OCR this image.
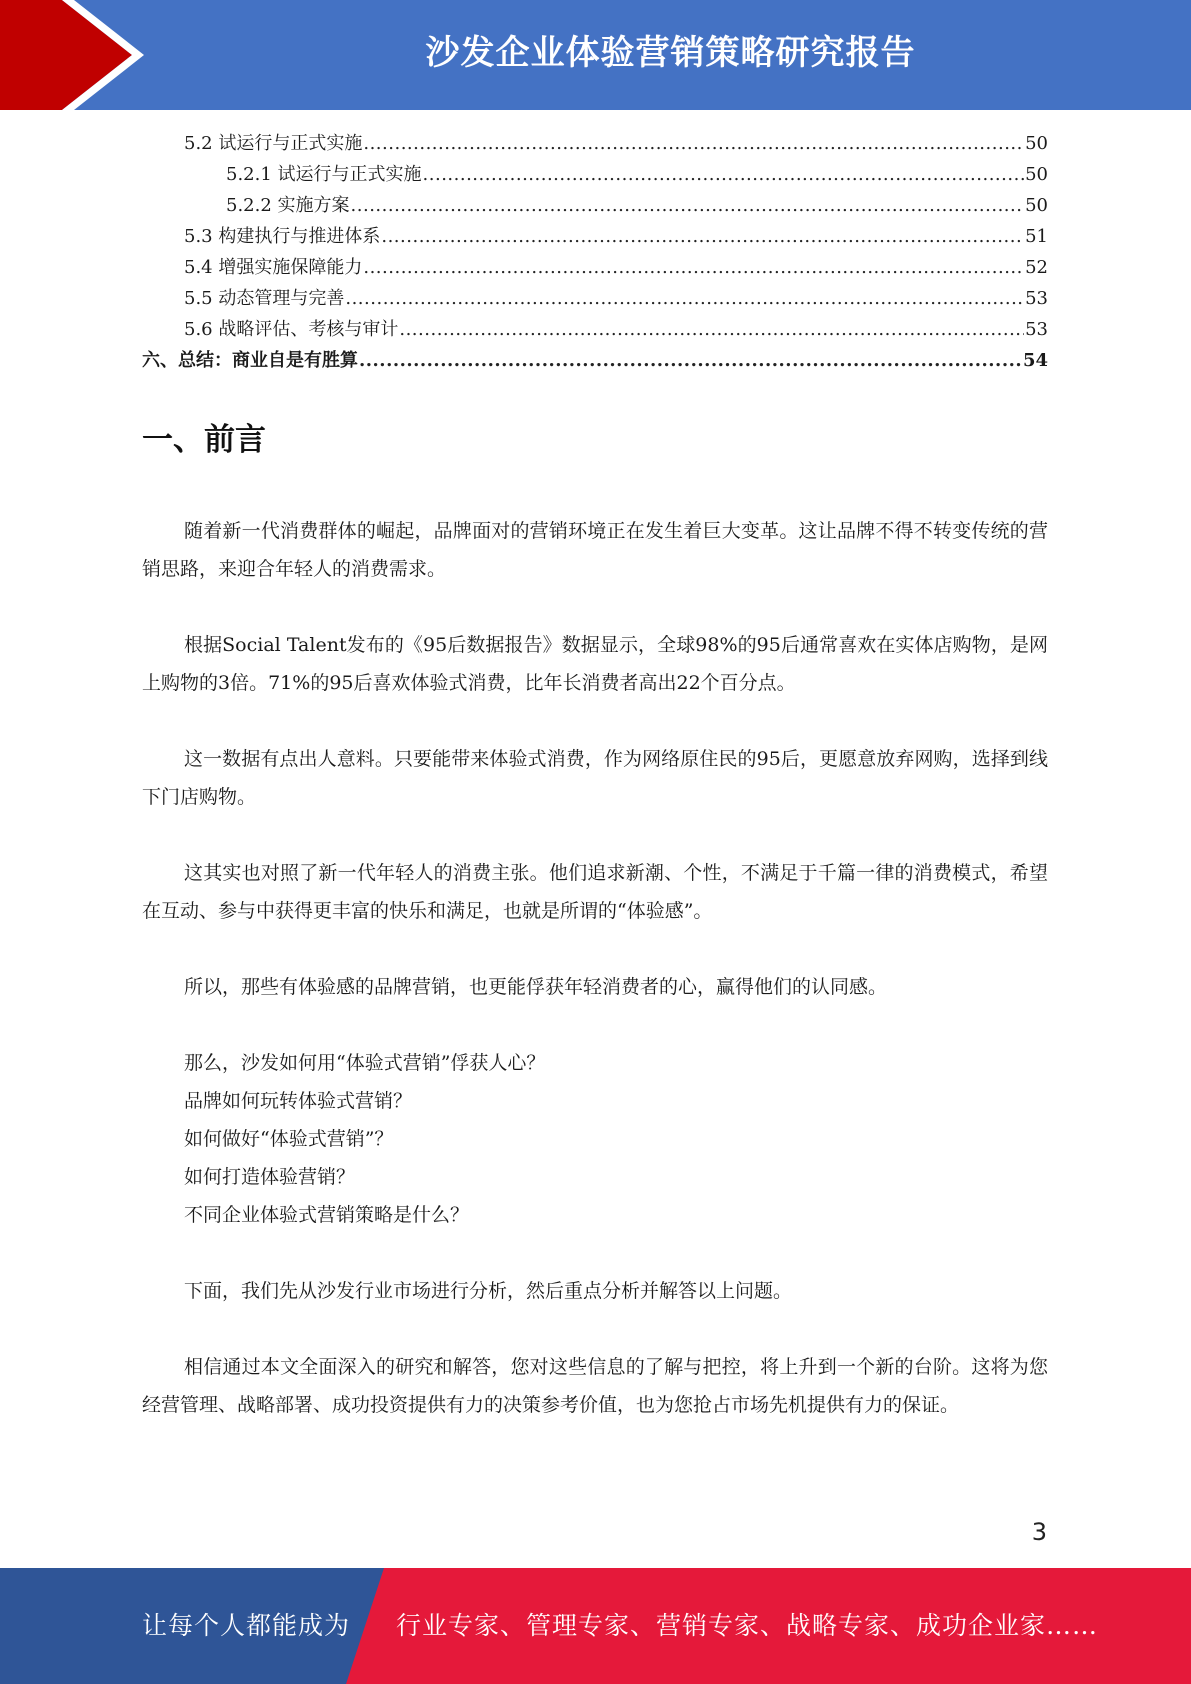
沙发企业体验营销策略研究报告
5.2 试运行与正式实施 .....	50
5.2.1 试运行与正式实施 .....	50
5.2.2 实施方案 .....	50
5.3 构建执行与推进体系 .....	51
5.4 增强实施保障能力 .....	52
5.5 动态管理与完善 .....	53
5.6 战略评估、考核与审计 .....	53
六、总结：商业自是有胜算 .....	54
一、前言

随着新一代消费群体的崛起，品牌面对的营销环境正在发生着巨大变革。这让品牌不得不转变传统的营销思路，来迎合年轻人的消费需求。

根据Social Talent发布的《95后数据报告》数据显示，全球98%的95后通常喜欢在实体店购物，是网上购物的3倍。71%的95后喜欢体验式消费，比年长消费者高出22个百分点。

这一数据有点出人意料。只要能带来体验式消费，作为网络原住民的95后，更愿意放弃网购，选择到线下门店购物。

这其实也对照了新一代年轻人的消费主张。他们追求新潮、个性，不满足于千篇一律的消费模式，希望在互动、参与中获得更丰富的快乐和满足，也就是所谓的“体验感”。

所以，那些有体验感的品牌营销，也更能俘获年轻消费者的心，赢得他们的认同感。

那么，沙发如何用“体验式营销”俘获人心？
品牌如何玩转体验式营销？
如何做好“体验式营销”？
如何打造体验营销？
不同企业体验式营销策略是什么？

下面，我们先从沙发行业市场进行分析，然后重点分析并解答以上问题。

相信通过本文全面深入的研究和解答，您对这些信息的了解与把控，将上升到一个新的台阶。这将为您经营管理、战略部署、成功投资提供有力的决策参考价值，也为您抢占市场先机提供有力的保证。

3
让每个人都能成为 行业专家、管理专家、营销专家、战略专家、成功企业家……
